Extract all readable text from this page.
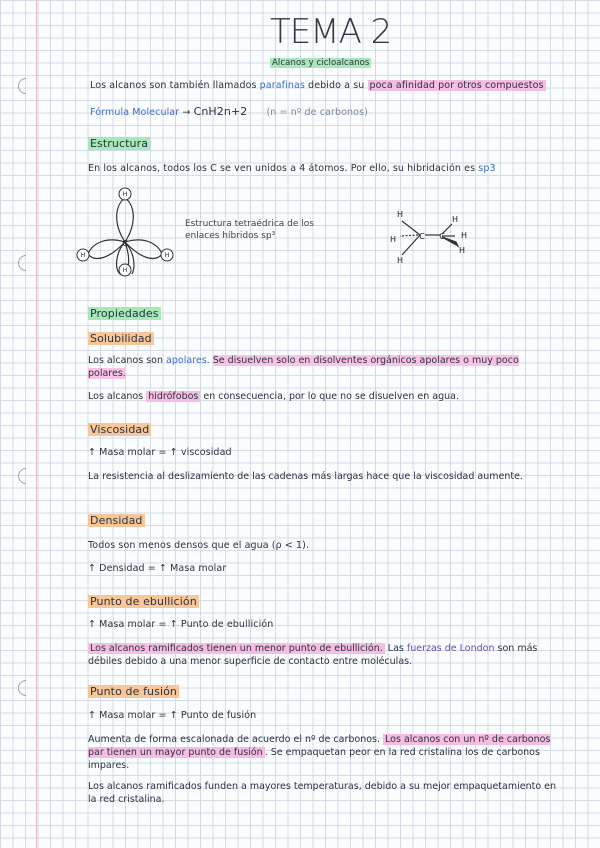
TEMA 2
Alcanos y cicloalcanos
Los alcanos son también llamados parafinas debido a su poca afinidad por otros compuestos
Fórmula Molecular → CnH2n+2 (n = nº de carbonos)
Estructura
En los alcanos, todos los C se ven unidos a 4 átomos. Por ello, su hibridación es sp3
H
H	H
H
C
Estructura tetraédrica de los
enlaces híbridos sp³
H
H
H
C C
H
H
H
Propiedades
Solubilidad
Los alcanos son apolares. Se disuelven solo en disolventes orgánicos apolares o muy poco polares.
Los alcanos hidrófobos en consecuencia, por lo que no se disuelven en agua.
Viscosidad
↑ Masa molar = ↑ viscosidad
La resistencia al deslizamiento de las cadenas más largas hace que la viscosidad aumente.
Densidad
Todos son menos densos que el agua (ρ < 1).
↑ Densidad = ↑ Masa molar
Punto de ebullición
↑ Masa molar = ↑ Punto de ebullición
Los alcanos ramificados tienen un menor punto de ebullición. Las fuerzas de London son más débiles debido a una menor superficie de contacto entre moléculas.
Punto de fusión
↑ Masa molar = ↑ Punto de fusión
Aumenta de forma escalonada de acuerdo el nº de carbonos. Los alcanos con un nº de carbonos par tienen un mayor punto de fusión . Se empaquetan peor en la red cristalina los de carbonos impares.
Los alcanos ramificados funden a mayores temperaturas, debido a su mejor empaquetamiento en la red cristalina.
